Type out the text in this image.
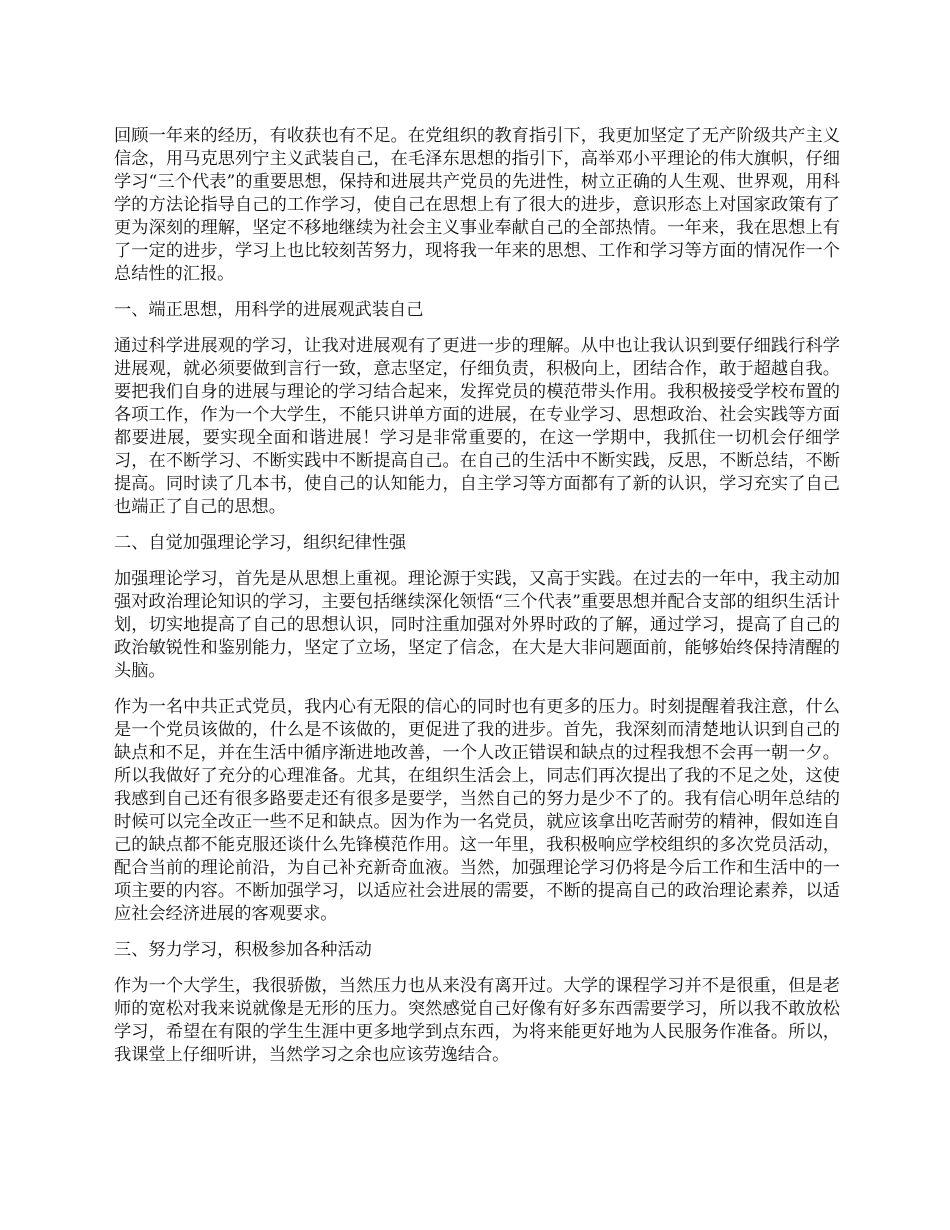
回顾一年来的经历，有收获也有不足。在党组织的教育指引下，我更加坚定了无产阶级共产主义信念，用马克思列宁主义武装自己，在毛泽东思想的指引下，高举邓小平理论的伟大旗帜，仔细学习“三个代表”的重要思想，保持和进展共产党员的先进性，树立正确的人生观、世界观，用科学的方法论指导自己的工作学习，使自己在思想上有了很大的进步，意识形态上对国家政策有了更为深刻的理解，坚定不移地继续为社会主义事业奉献自己的全部热情。一年来，我在思想上有了一定的进步，学习上也比较刻苦努力，现将我一年来的思想、工作和学习等方面的情况作一个总结性的汇报。

一、端正思想，用科学的进展观武装自己

通过科学进展观的学习，让我对进展观有了更进一步的理解。从中也让我认识到要仔细践行科学进展观，就必须要做到言行一致，意志坚定，仔细负责，积极向上，团结合作，敢于超越自我。要把我们自身的进展与理论的学习结合起来，发挥党员的模范带头作用。我积极接受学校布置的各项工作，作为一个大学生，不能只讲单方面的进展，在专业学习、思想政治、社会实践等方面都要进展，要实现全面和谐进展！学习是非常重要的，在这一学期中，我抓住一切机会仔细学习，在不断学习、不断实践中不断提高自己。在自己的生活中不断实践，反思，不断总结，不断提高。同时读了几本书，使自己的认知能力，自主学习等方面都有了新的认识，学习充实了自己也端正了自己的思想。

二、自觉加强理论学习，组织纪律性强

加强理论学习，首先是从思想上重视。理论源于实践，又高于实践。在过去的一年中，我主动加强对政治理论知识的学习，主要包括继续深化领悟“三个代表”重要思想并配合支部的组织生活计划，切实地提高了自己的思想认识，同时注重加强对外界时政的了解，通过学习，提高了自己的政治敏锐性和鉴别能力，坚定了立场，坚定了信念，在大是大非问题面前，能够始终保持清醒的头脑。

作为一名中共正式党员，我内心有无限的信心的同时也有更多的压力。时刻提醒着我注意，什么是一个党员该做的，什么是不该做的，更促进了我的进步。首先，我深刻而清楚地认识到自己的缺点和不足，并在生活中循序渐进地改善，一个人改正错误和缺点的过程我想不会再一朝一夕。所以我做好了充分的心理准备。尤其，在组织生活会上，同志们再次提出了我的不足之处，这使我感到自己还有很多路要走还有很多是要学，当然自己的努力是少不了的。我有信心明年总结的时候可以完全改正一些不足和缺点。因为作为一名党员，就应该拿出吃苦耐劳的精神，假如连自己的缺点都不能克服还谈什么先锋模范作用。这一年里，我积极响应学校组织的多次党员活动，配合当前的理论前沿，为自己补充新奇血液。当然，加强理论学习仍将是今后工作和生活中的一项主要的内容。不断加强学习，以适应社会进展的需要，不断的提高自己的政治理论素养，以适应社会经济进展的客观要求。

三、努力学习，积极参加各种活动

作为一个大学生，我很骄傲，当然压力也从来没有离开过。大学的课程学习并不是很重，但是老师的宽松对我来说就像是无形的压力。突然感觉自己好像有好多东西需要学习，所以我不敢放松学习，希望在有限的学生生涯中更多地学到点东西，为将来能更好地为人民服务作准备。所以，我课堂上仔细听讲，当然学习之余也应该劳逸结合。
